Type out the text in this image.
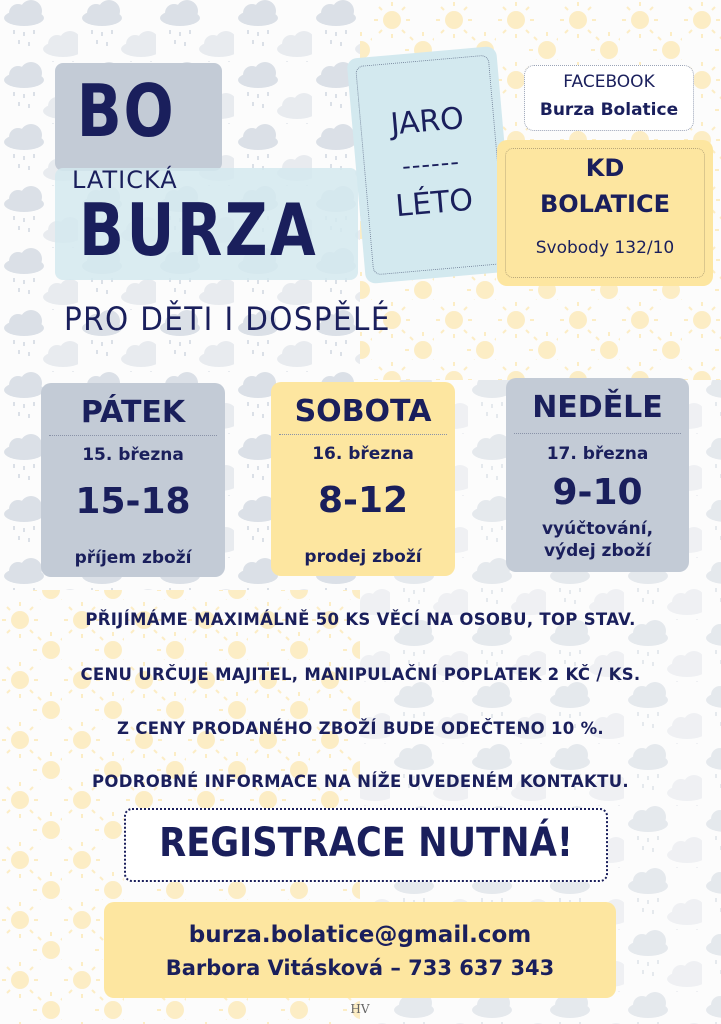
BO
LATICKÁ
BURZA
PRO DĚTI I DOSPĚLÉ
JARO
------
LÉTO
FACEBOOK
Burza Bolatice
KD
BOLATICE
Svobody 132/10
PÁTEK
15. března
15-18
příjem zboží
SOBOTA
16. března
8-12
prodej zboží
NEDĚLE
17. března
9-10
vyúčtování,
výdej zboží
PŘIJÍMÁME MAXIMÁLNĚ 50 KS VĚCÍ NA OSOBU, TOP STAV.
CENU URČUJE MAJITEL, MANIPULAČNÍ POPLATEK 2 KČ / KS.
Z CENY PRODANÉHO ZBOŽÍ BUDE ODEČTENO 10 %.
PODROBNÉ INFORMACE NA NÍŽE UVEDENÉM KONTAKTU.
REGISTRACE NUTNÁ!
burza.bolatice@gmail.com
Barbora Vitásková – 733 637 343
HV
